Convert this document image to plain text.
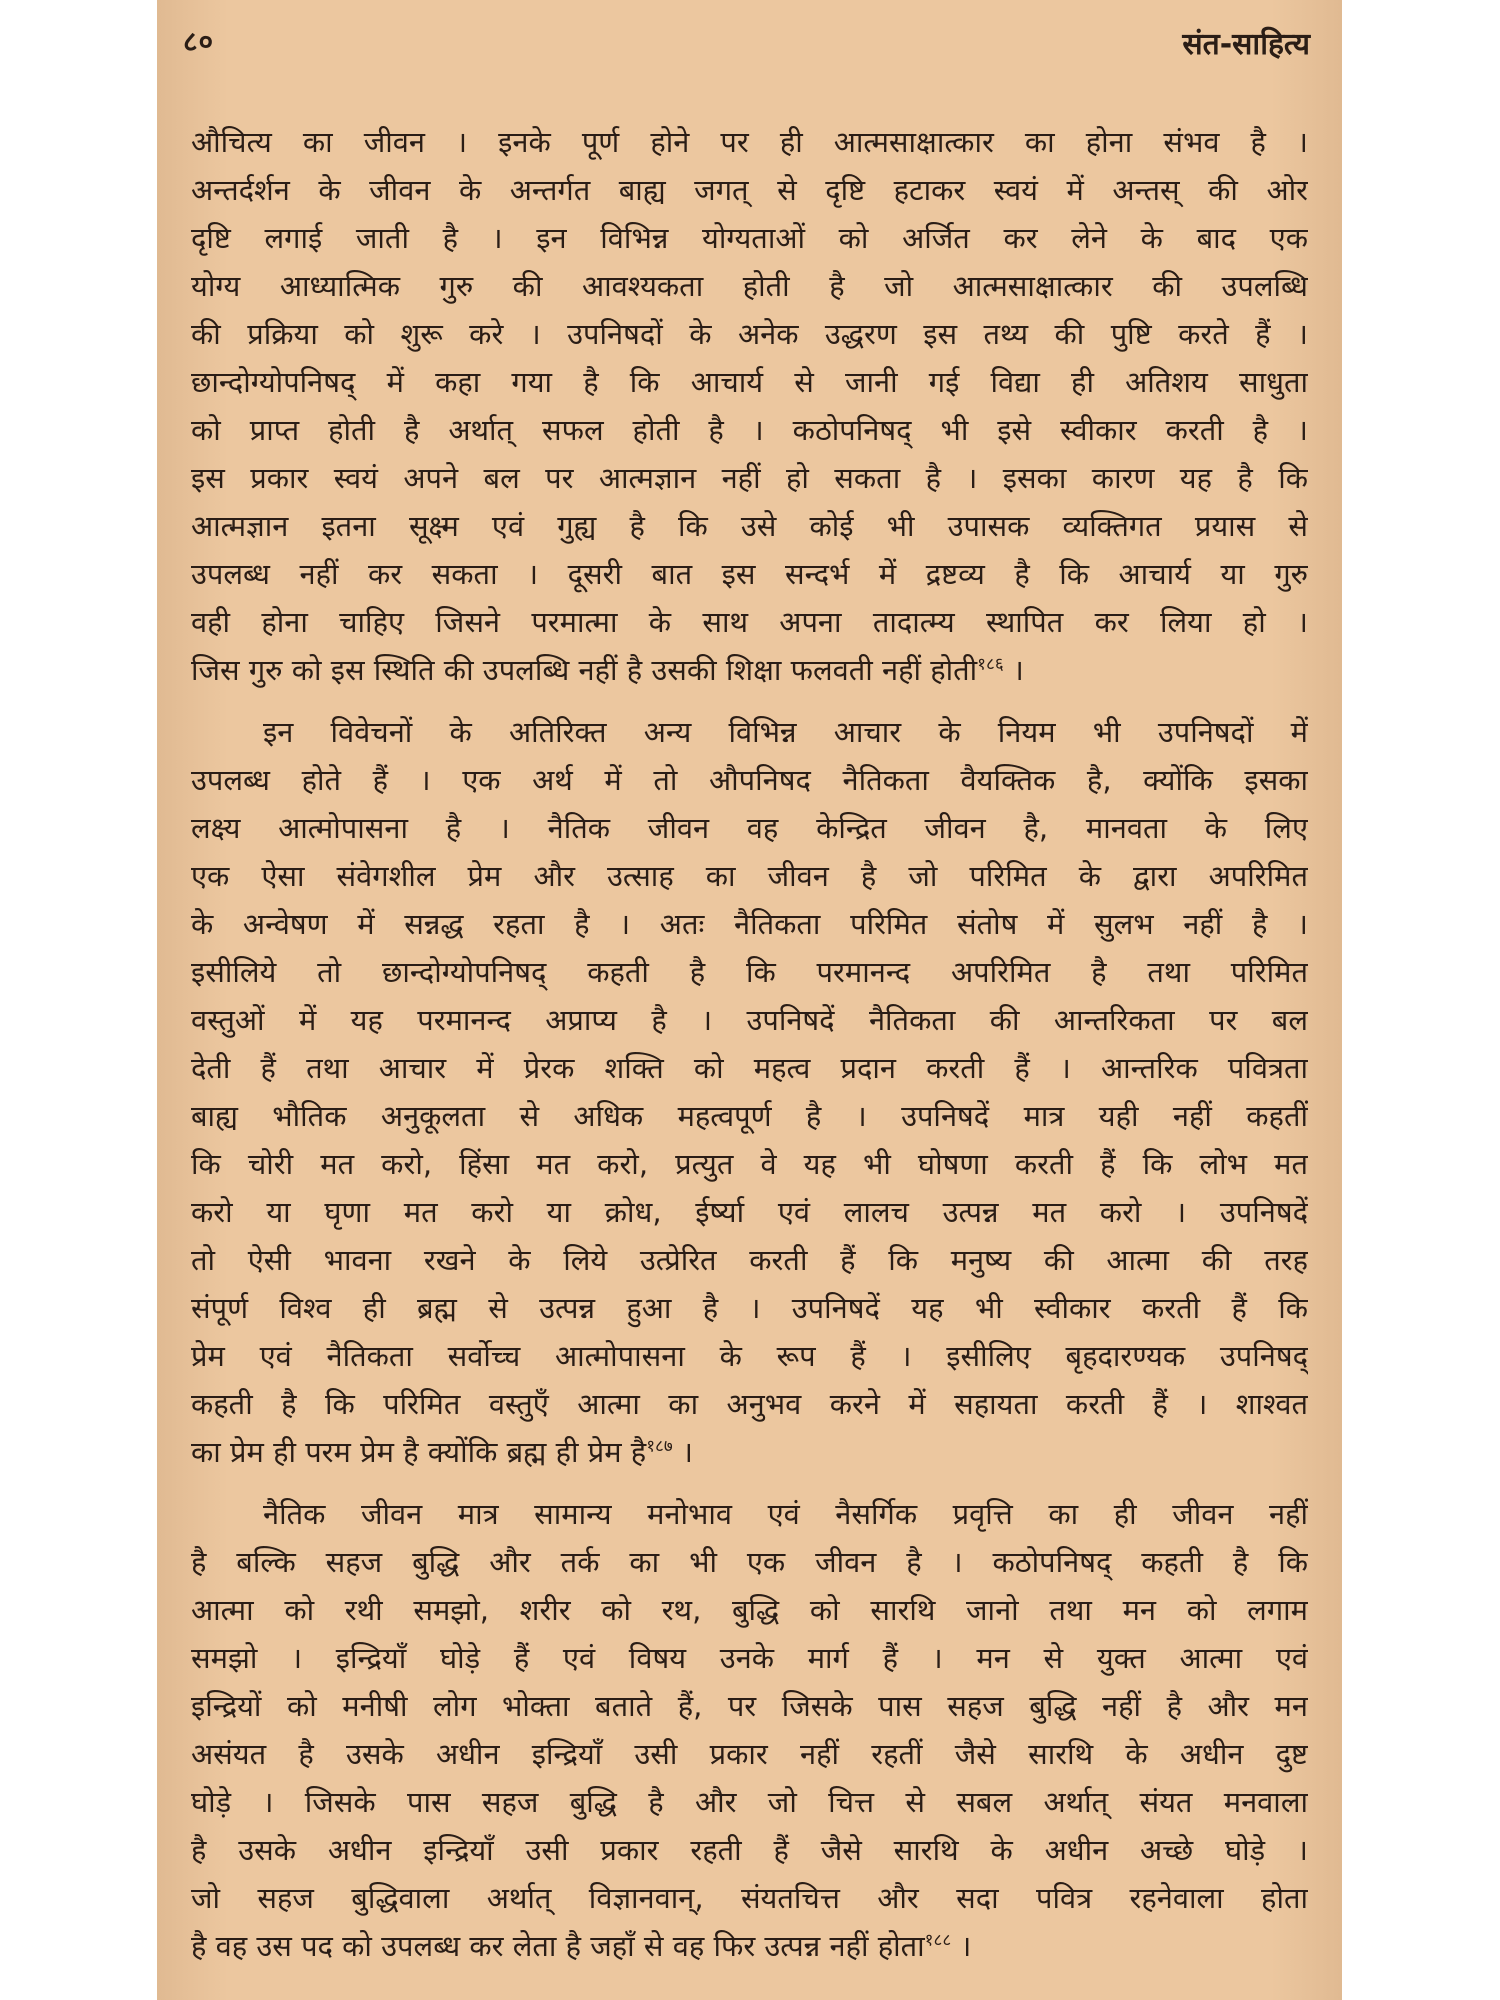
८०	संत-साहित्य
औचित्य का जीवन । इनके पूर्ण होने पर ही आत्मसाक्षात्कार का होना संभव है ।
अन्तर्दर्शन के जीवन के अन्तर्गत बाह्य जगत् से दृष्टि हटाकर स्वयं में अन्तस् की ओर
दृष्टि लगाई जाती है । इन विभिन्न योग्यताओं को अर्जित कर लेने के बाद एक
योग्य आध्यात्मिक गुरु की आवश्यकता होती है जो आत्मसाक्षात्कार की उपलब्धि
की प्रक्रिया को शुरू करे । उपनिषदों के अनेक उद्धरण इस तथ्य की पुष्टि करते हैं ।
छान्दोग्योपनिषद् में कहा गया है कि आचार्य से जानी गई विद्या ही अतिशय साधुता
को प्राप्त होती है अर्थात् सफल होती है । कठोपनिषद् भी इसे स्वीकार करती है ।
इस प्रकार स्वयं अपने बल पर आत्मज्ञान नहीं हो सकता है । इसका कारण यह है कि
आत्मज्ञान इतना सूक्ष्म एवं गुह्य है कि उसे कोई भी उपासक व्यक्तिगत प्रयास से
उपलब्ध नहीं कर सकता । दूसरी बात इस सन्दर्भ में द्रष्टव्य है कि आचार्य या गुरु
वही होना चाहिए जिसने परमात्मा के साथ अपना तादात्म्य स्थापित कर लिया हो ।
जिस गुरु को इस स्थिति की उपलब्धि नहीं है उसकी शिक्षा फलवती नहीं होती$^{१८६}$ ।
इन विवेचनों के अतिरिक्त अन्य विभिन्न आचार के नियम भी उपनिषदों में
उपलब्ध होते हैं । एक अर्थ में तो औपनिषद नैतिकता वैयक्तिक है, क्योंकि इसका
लक्ष्य आत्मोपासना है । नैतिक जीवन वह केन्द्रित जीवन है, मानवता के लिए
एक ऐसा संवेगशील प्रेम और उत्साह का जीवन है जो परिमित के द्वारा अपरिमित
के अन्वेषण में सन्नद्ध रहता है । अतः नैतिकता परिमित संतोष में सुलभ नहीं है ।
इसीलिये तो छान्दोग्योपनिषद् कहती है कि परमानन्द अपरिमित है तथा परिमित
वस्तुओं में यह परमानन्द अप्राप्य है । उपनिषदें नैतिकता की आन्तरिकता पर बल
देती हैं तथा आचार में प्रेरक शक्ति को महत्व प्रदान करती हैं । आन्तरिक पवित्रता
बाह्य भौतिक अनुकूलता से अधिक महत्वपूर्ण है । उपनिषदें मात्र यही नहीं कहतीं
कि चोरी मत करो, हिंसा मत करो, प्रत्युत वे यह भी घोषणा करती हैं कि लोभ मत
करो या घृणा मत करो या क्रोध, ईर्ष्या एवं लालच उत्पन्न मत करो । उपनिषदें
तो ऐसी भावना रखने के लिये उत्प्रेरित करती हैं कि मनुष्य की आत्मा की तरह
संपूर्ण विश्व ही ब्रह्म से उत्पन्न हुआ है । उपनिषदें यह भी स्वीकार करती हैं कि
प्रेम एवं नैतिकता सर्वोच्च आत्मोपासना के रूप हैं । इसीलिए बृहदारण्यक उपनिषद्
कहती है कि परिमित वस्तुएँ आत्मा का अनुभव करने में सहायता करती हैं । शाश्वत
का प्रेम ही परम प्रेम है क्योंकि ब्रह्म ही प्रेम है$^{१८७}$ ।
नैतिक जीवन मात्र सामान्य मनोभाव एवं नैसर्गिक प्रवृत्ति का ही जीवन नहीं
है बल्कि सहज बुद्धि और तर्क का भी एक जीवन है । कठोपनिषद् कहती है कि
आत्मा को रथी समझो, शरीर को रथ, बुद्धि को सारथि जानो तथा मन को लगाम
समझो । इन्द्रियाँ घोड़े हैं एवं विषय उनके मार्ग हैं । मन से युक्त आत्मा एवं
इन्द्रियों को मनीषी लोग भोक्ता बताते हैं, पर जिसके पास सहज बुद्धि नहीं है और मन
असंयत है उसके अधीन इन्द्रियाँ उसी प्रकार नहीं रहतीं जैसे सारथि के अधीन दुष्ट
घोड़े । जिसके पास सहज बुद्धि है और जो चित्त से सबल अर्थात् संयत मनवाला
है उसके अधीन इन्द्रियाँ उसी प्रकार रहती हैं जैसे सारथि के अधीन अच्छे घोड़े ।
जो सहज बुद्धिवाला अर्थात् विज्ञानवान्, संयतचित्त और सदा पवित्र रहनेवाला होता
है वह उस पद को उपलब्ध कर लेता है जहाँ से वह फिर उत्पन्न नहीं होता$^{१८८}$ ।
